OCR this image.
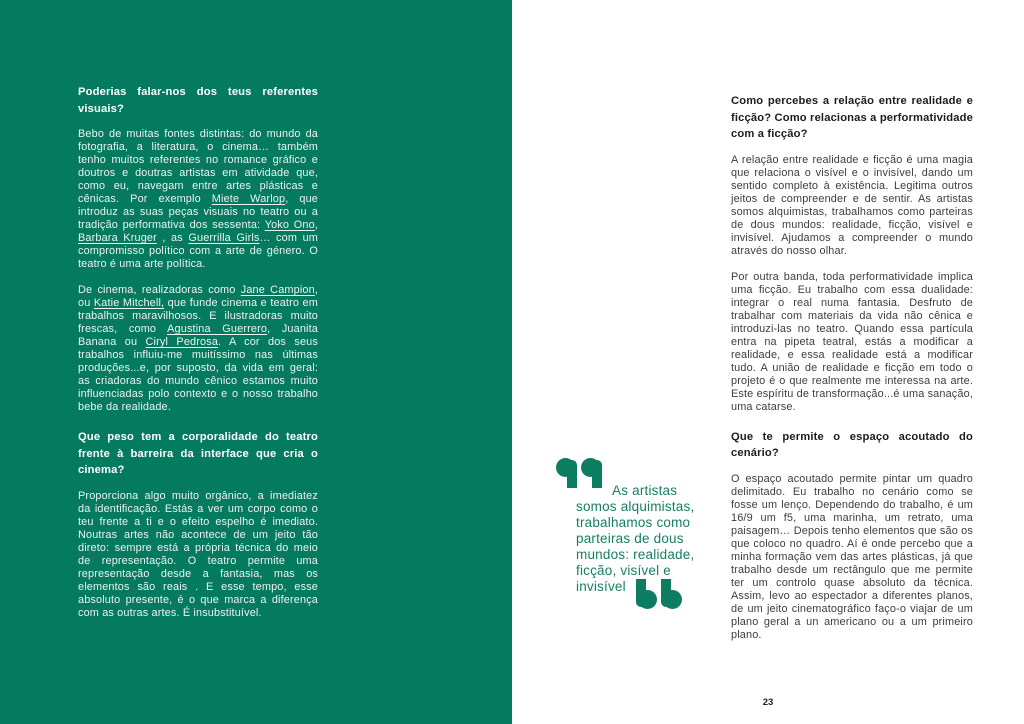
Poderias falar-nos dos teus referentes visuais?

Bebo de muitas fontes distintas: do mundo da fotografia, a literatura, o cinema… também tenho muitos referentes no romance gráfico e doutros e doutras artistas em atividade que, como eu, navegam entre artes plásticas e cênicas. Por exemplo Miete Warlop, que introduz as suas peças visuais no teatro ou a tradição performativa dos sessenta: Yoko Ono, Barbara Kruger , as Guerrilla Girls… com um compromisso político com a arte de género. O teatro é uma arte política.

De cinema, realizadoras como Jane Campion, ou Katie Mitchell, que funde cinema e teatro em trabalhos maravilhosos. E ilustradoras muito frescas, como Agustina Guerrero, Juanita Banana ou Ciryl Pedrosa. A cor dos seus trabalhos influiu-me muitíssimo nas últimas produções...e, por suposto, da vida em geral: as criadoras do mundo cênico estamos muito influenciadas polo contexto e o nosso trabalho bebe da realidade.

Que peso tem a corporalidade do teatro frente à barreira da interface que cria o cinema?

Proporciona algo muito orgânico, a imediatez da identificação. Estás a ver um corpo como o teu frente a ti e o efeito espelho é imediato. Noutras artes não acontece de um jeito tão direto: sempre está a própria técnica do meio de representação. O teatro permite uma representação desde a fantasia, mas os elementos são reais . E esse tempo, esse absoluto presente, é o que marca a diferença com as outras artes. É insubstituível.

Como percebes a relação entre realidade e ficção? Como relacionas a performatividade com a ficção?

A relação entre realidade e ficção é uma magia que relaciona o visível e o invisível, dando um sentido completo à existência. Legitima outros jeitos de compreender e de sentir. As artistas somos alquimistas, trabalhamos como parteiras de dous mundos: realidade, ficção, visível e invisível. Ajudamos a compreender o mundo através do nosso olhar.

Por outra banda, toda performatividade implica uma ficção. Eu trabalho com essa dualidade: integrar o real numa fantasia. Desfruto de trabalhar com materiais da vida não cênica e introduzi-las no teatro. Quando essa partícula entra na pipeta teatral, estás a modificar a realidade, e essa realidade está a modificar tudo. A união de realidade e ficção em todo o projeto é o que realmente me interessa na arte. Este espíritu de transformação...é uma sanação, uma catarse.

Que te permite o espaço acoutado do cenário?

O espaço acoutado permite pintar um quadro delimitado. Eu trabalho no cenário como se fosse um lenço. Dependendo do trabalho, é um 16/9 um f5, uma marinha, um retrato, uma paisagem… Depois tenho elementos que são os que coloco no quadro. Aí é onde percebo que a minha formação vem das artes plásticas, já que trabalho desde um rectângulo que me permite ter um controlo quase absoluto da técnica. Assim, levo ao espectador a diferentes planos, de um jeito cinematográfico faço-o viajar de um plano geral a un americano ou a um primeiro plano.

As artistas somos alquimistas, trabalhamos como parteiras de dous mundos: realidade, ficção, visível e invisível

23
